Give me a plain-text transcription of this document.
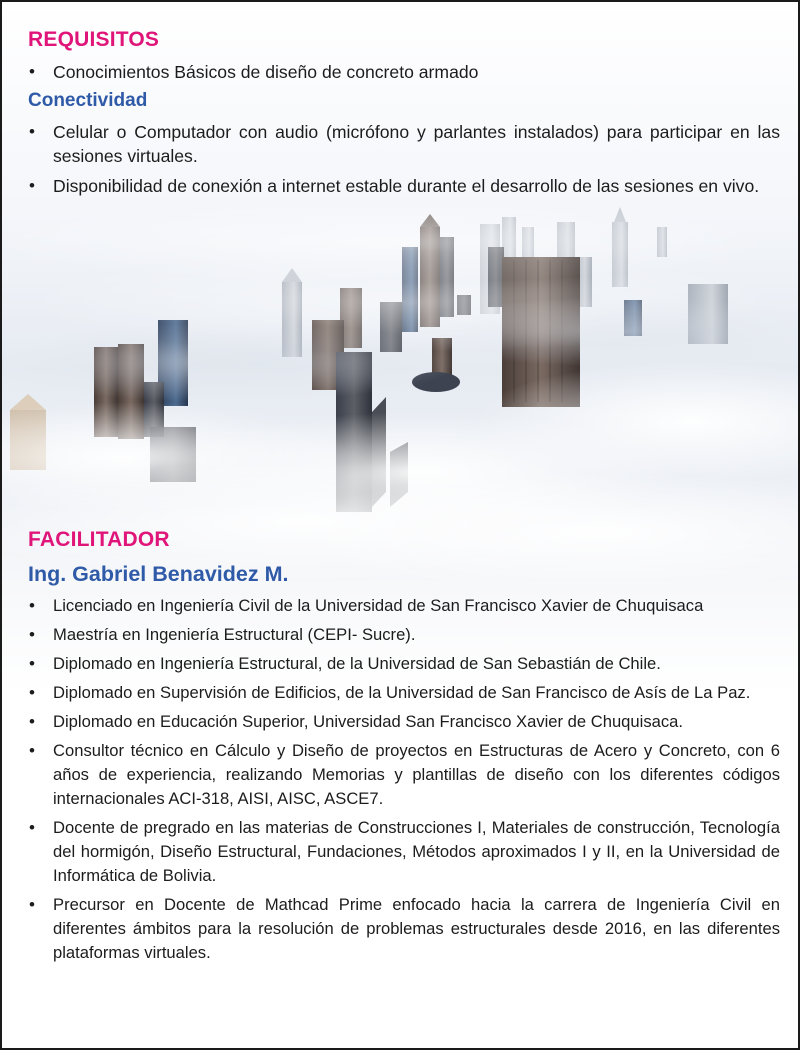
REQUISITOS
• Conocimientos Básicos de diseño de concreto armado
Conectividad
• Celular o Computador con audio (micrófono y parlantes instalados) para participar en las sesiones virtuales.
• Disponibilidad de conexión a internet estable durante el desarrollo de las sesiones en vivo.
FACILITADOR
Ing. Gabriel Benavidez M.
• Licenciado en Ingeniería Civil de la Universidad de San Francisco Xavier de Chuquisaca
• Maestría en Ingeniería Estructural (CEPI- Sucre).
• Diplomado en Ingeniería Estructural, de la Universidad de San Sebastián de Chile.
• Diplomado en Supervisión de Edificios, de la Universidad de San Francisco de Asís de La Paz.
• Diplomado en Educación Superior, Universidad San Francisco Xavier de Chuquisaca.
• Consultor técnico en Cálculo y Diseño de proyectos en Estructuras de Acero y Concreto, con 6 años de experiencia, realizando Memorias y plantillas de diseño con los diferentes códigos internacionales ACI-318, AISI, AISC, ASCE7.
• Docente de pregrado en las materias de Construcciones I, Materiales de construcción, Tecnología del hormigón, Diseño Estructural, Fundaciones, Métodos aproximados I y II, en la Universidad de Informática de Bolivia.
• Precursor en Docente de Mathcad Prime enfocado hacia la carrera de Ingeniería Civil en diferentes ámbitos para la resolución de problemas estructurales desde 2016, en las diferentes plataformas virtuales.
